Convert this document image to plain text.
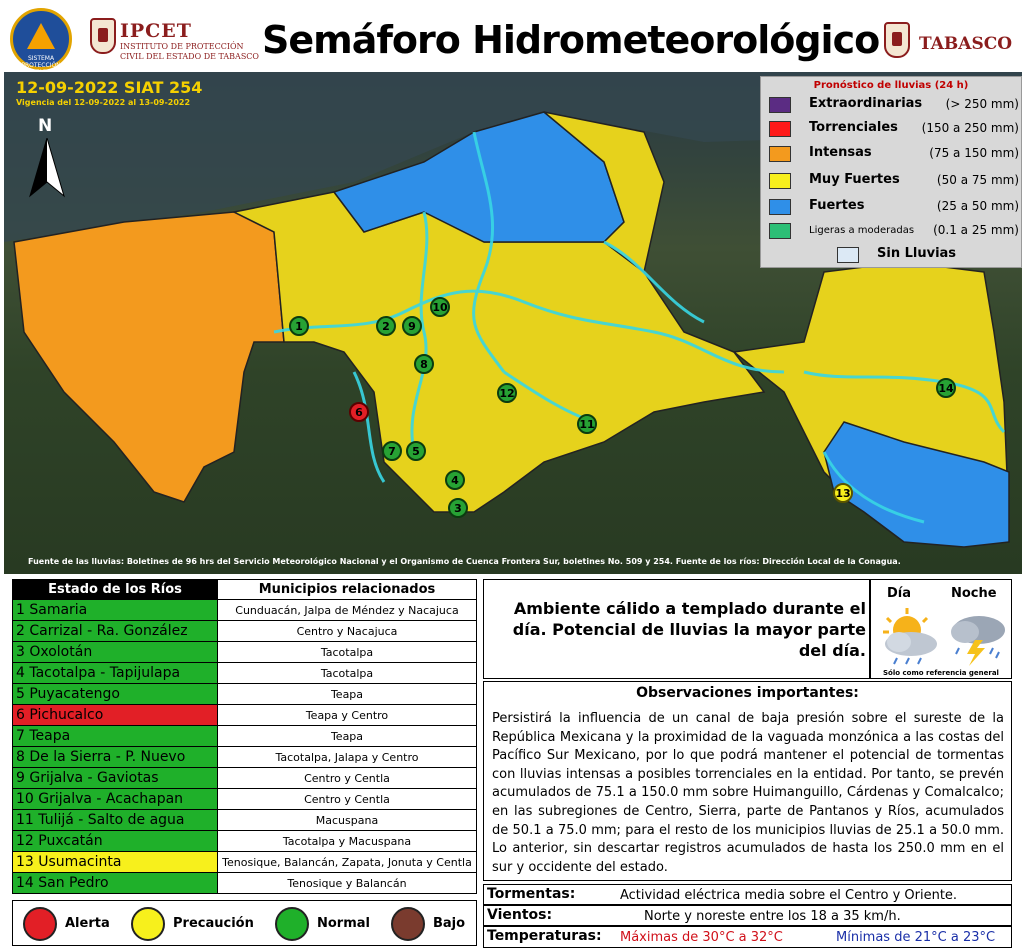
SISTEMA PROTECCIÓN
IPCET
INSTITUTO DE PROTECCIÓN CIVIL DEL ESTADO DE TABASCO Semáforo Hidrometeorológico TABASCO
12-09-2022 SIAT 254
Vigencia del 12-09-2022 al 13-09-2022
N
1	2
3
4
5
6
7
8
9
10
11
12
13
14
Pronóstico de lluvias (24 h)
Extraordinarias (> 250 mm)
Torrenciales (150 a 250 mm)
Intensas	(75 a 150 mm)
Muy Fuertes	(50 a 75 mm)
Fuertes	(25 a 50 mm)
Ligeras a moderadas (0.1 a 25 mm)
Sin Lluvias
Fuente de las lluvias: Boletines de 96 hrs del Servicio Meteorológico Nacional y el Organismo de Cuenca Frontera Sur, boletines No. 509 y 254. Fuente de los ríos: Dirección Local de la Conagua.
Estado de los Ríos	Municipios relacionados
1 Samaria	Cunduacán, Jalpa de Méndez y Nacajuca
2 Carrizal - Ra. González	Centro y Nacajuca
3 Oxolotán	Tacotalpa
4 Tacotalpa - Tapijulapa	Tacotalpa
5 Puyacatengo	Teapa
6 Pichucalco	Teapa y Centro
7 Teapa	Teapa
8 De la Sierra - P. Nuevo	Tacotalpa, Jalapa y Centro
9 Grijalva - Gaviotas	Centro y Centla
10 Grijalva - Acachapan	Centro y Centla
11 Tulijá - Salto de agua	Macuspana
12 Puxcatán	Tacotalpa y Macuspana
13 Usumacinta	Tenosique, Balancán, Zapata, Jonuta y Centla
14 San Pedro	Tenosique y Balancán
Alerta	Precaución	Normal	Bajo
Ambiente cálido a templado durante el día. Potencial de lluvias la mayor parte del día.
Día	Noche
Sólo como referencia general
Observaciones importantes:
Persistirá la influencia de un canal de baja presión sobre el sureste de la República Mexicana y la proximidad de la vaguada monzónica a las costas del Pacífico Sur Mexicano, por lo que podrá mantener el potencial de tormentas con lluvias intensas a posibles torrenciales en la entidad. Por tanto, se prevén acumulados de 75.1 a 150.0 mm sobre Huimanguillo, Cárdenas y Comalcalco; en las subregiones de Centro, Sierra, parte de Pantanos y Ríos, acumulados de 50.1 a 75.0 mm; para el resto de los municipios lluvias de 25.1 a 50.0 mm. Lo anterior, sin descartar registros acumulados de hasta los 250.0 mm en el sur y occidente del estado.
Tormentas:	Actividad eléctrica media sobre el Centro y Oriente.
Vientos:	Norte y noreste entre los 18 a 35 km/h.
Temperaturas: Máximas de 30°C a 32°C	Mínimas de 21°C a 23°C
